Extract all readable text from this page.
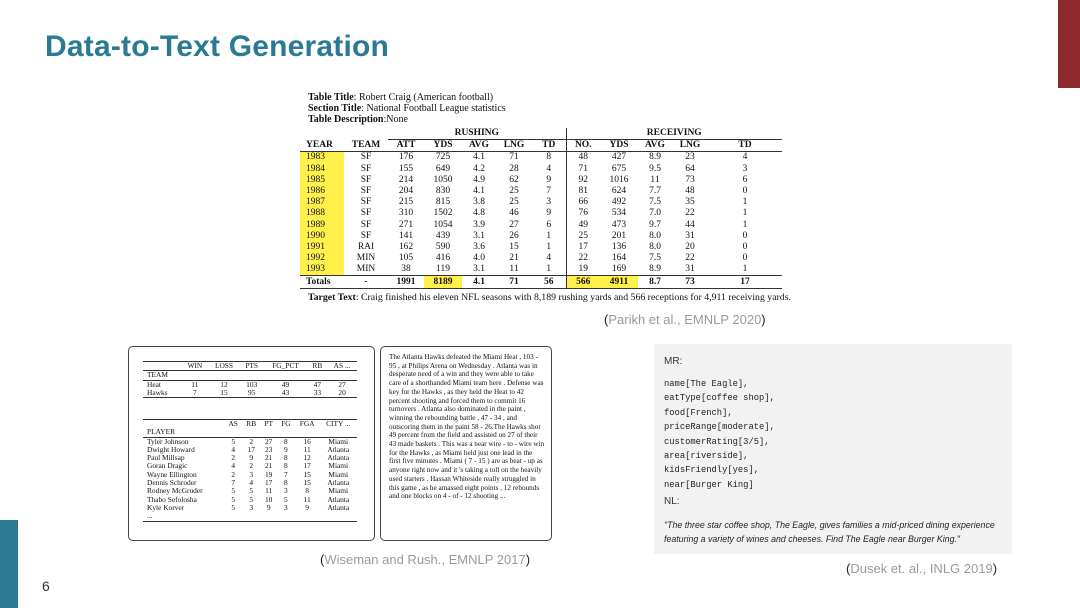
Data-to-Text Generation
Table Title: Robert Craig (American football)
Section Title: National Football League statistics
Table Description:None
		RUSHING					RECEIVING				
YEAR	TEAM	ATT	YDS	AVG	LNG	TD	NO.	YDS	AVG	LNG	TD
1983	SF	176	725	4.1	71	8	48	427	8.9	23	4
1984	SF	155	649	4.2	28	4	71	675	9.5	64	3
1985	SF	214	1050	4.9	62	9	92	1016	11	73	6
1986	SF	204	830	4.1	25	7	81	624	7.7	48	0
1987	SF	215	815	3.8	25	3	66	492	7.5	35	1
1988	SF	310	1502	4.8	46	9	76	534	7.0	22	1
1989	SF	271	1054	3.9	27	6	49	473	9.7	44	1
1990	SF	141	439	3.1	26	1	25	201	8.0	31	0
1991	RAI	162	590	3.6	15	1	17	136	8.0	20	0
1992	MIN	105	416	4.0	21	4	22	164	7.5	22	0
1993	MIN	38	119	3.1	11	1	19	169	8.9	31	1
Totals	-	1991	8189	4.1	71	56	566	4911	8.7	73	17
Target Text: Craig finished his eleven NFL seasons with 8,189 rushing yards and 566 receptions for 4,911 receiving yards.
(Parikh et al., EMNLP 2020)
	WIN	LOSS	PTS	FG_PCT	RB	AS ...
TEAM						
Heat	11	12	103	49	47	27
Hawks	7	15	95	43	33	20
	AS	RB	PT	FG	FGA	CITY ...
PLAYER						
Tyler Johnson	5	2	27	8	16	Miami
Dwight Howard	4	17	23	9	11	Atlanta
Paul Millsap	2	9	21	8	12	Atlanta
Goran Dragic	4	2	21	8	17	Miami
Wayne Ellington	2	3	19	7	15	Miami
Dennis Schroder	7	4	17	8	15	Atlanta
Rodney McGruder	5	5	11	3	8	Miami
Thabo Sefolosha	5	5	10	5	11	Atlanta
Kyle Korver	5	3	9	3	9	Atlanta
...						
The Atlanta Hawks defeated the Miami Heat , 103 - 95 , at Philips Arena on Wednesday . Atlanta was in desperate need of a win and they were able to take care of a shorthanded Miami team here . Defense was key for the Hawks , as they held the Heat to 42 percent shooting and forced them to commit 16 turnovers . Atlanta also dominated in the paint , winning the rebounding battle , 47 - 34 , and outscoring them in the paint 58 - 26.The Hawks shot 49 percent from the field and assisted on 27 of their 43 made baskets . This was a near wire - to - wire win for the Hawks , as Miami held just one lead in the first five minutes . Miami ( 7 - 15 ) are as beat - up as anyone right now and it 's taking a toll on the heavily used starters . Hassan Whiteside really struggled in this game , as he amassed eight points , 12 rebounds and one blocks on 4 - of - 12 shooting ...
(Wiseman and Rush., EMNLP 2017)
MR:
name[The Eagle],
eatType[coffee shop],
food[French],
priceRange[moderate],
customerRating[3/5],
area[riverside],
kidsFriendly[yes],
near[Burger King]
NL:
"The three star coffee shop, The Eagle, gives families a mid-priced dining experience featuring a variety of wines and cheeses. Find The Eagle near Burger King."
(Dusek et. al., INLG 2019)
6
